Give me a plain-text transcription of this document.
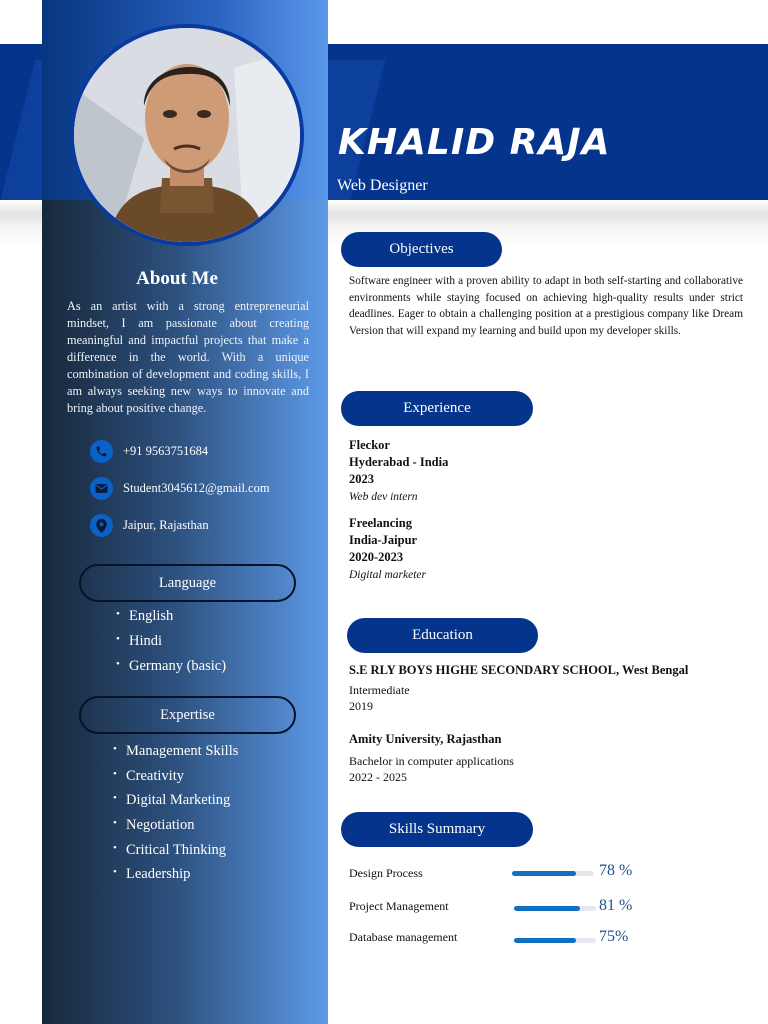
KHALID RAJA
Web Designer
About Me
As an artist with a strong entrepreneurial mindset, I am passionate about creating meaningful and impactful projects that make a difference in the world. With a unique combination of development and coding skills, I am always seeking new ways to innovate and bring about positive change.
+91 9563751684
Student3045612@gmail.com
Jaipur, Rajasthan
Language
• English
• Hindi
• Germany (basic)
Expertise
• Management Skills
• Creativity
• Digital Marketing
• Negotiation
• Critical Thinking
• Leadership
Objectives
Software engineer with a proven ability to adapt in both self-starting and collaborative environments while staying focused on achieving high-quality results under strict deadlines. Eager to obtain a challenging position at a prestigious company like Dream Version that will expand my learning and build upon my developer skills.
Experience
Fleckor
Hyderabad - India
2023
Web dev intern
Freelancing
India-Jaipur
2020-2023
Digital marketer
Education
S.E RLY BOYS HIGHE SECONDARY SCHOOL, West Bengal
Intermediate
2019
Amity University, Rajasthan
Bachelor in computer applications
2022 - 2025
Skills Summary
Design Process	78 %
Project Management	81 %
Database management	75%
